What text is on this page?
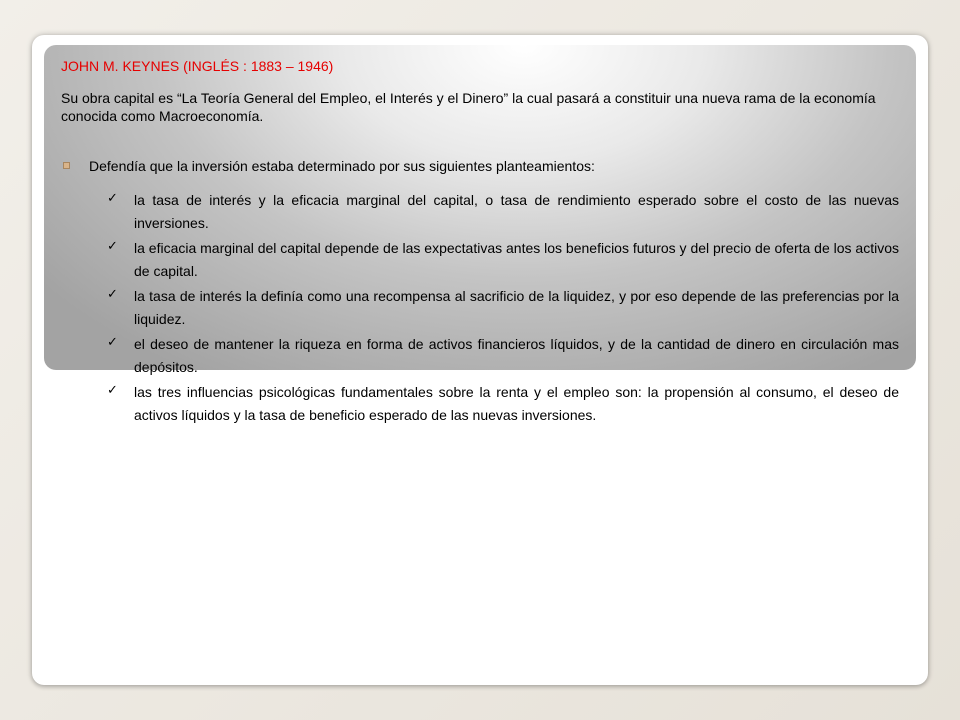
JOHN M. KEYNES (INGLÉS : 1883 – 1946)

Su obra capital es “La Teoría General del Empleo, el Interés y el Dinero” la cual pasará a constituir una nueva rama de la economía conocida como Macroeconomía.

Defendía que la inversión estaba determinado por sus siguientes planteamientos:
✓ la tasa de interés y la eficacia marginal del capital, o tasa de rendimiento esperado sobre el costo de las nuevas inversiones.
✓ la eficacia marginal del capital depende de las expectativas antes los beneficios futuros y del precio de oferta de los activos de capital.
✓ la tasa de interés la definía como una recompensa al sacrificio de la liquidez, y por eso depende de las preferencias por la liquidez.
✓ el deseo de mantener la riqueza en forma de activos financieros líquidos, y de la cantidad de dinero en circulación mas depósitos.
✓ las tres influencias psicológicas fundamentales sobre la renta y el empleo son: la propensión al consumo, el deseo de activos líquidos y la tasa de beneficio esperado de las nuevas inversiones.
